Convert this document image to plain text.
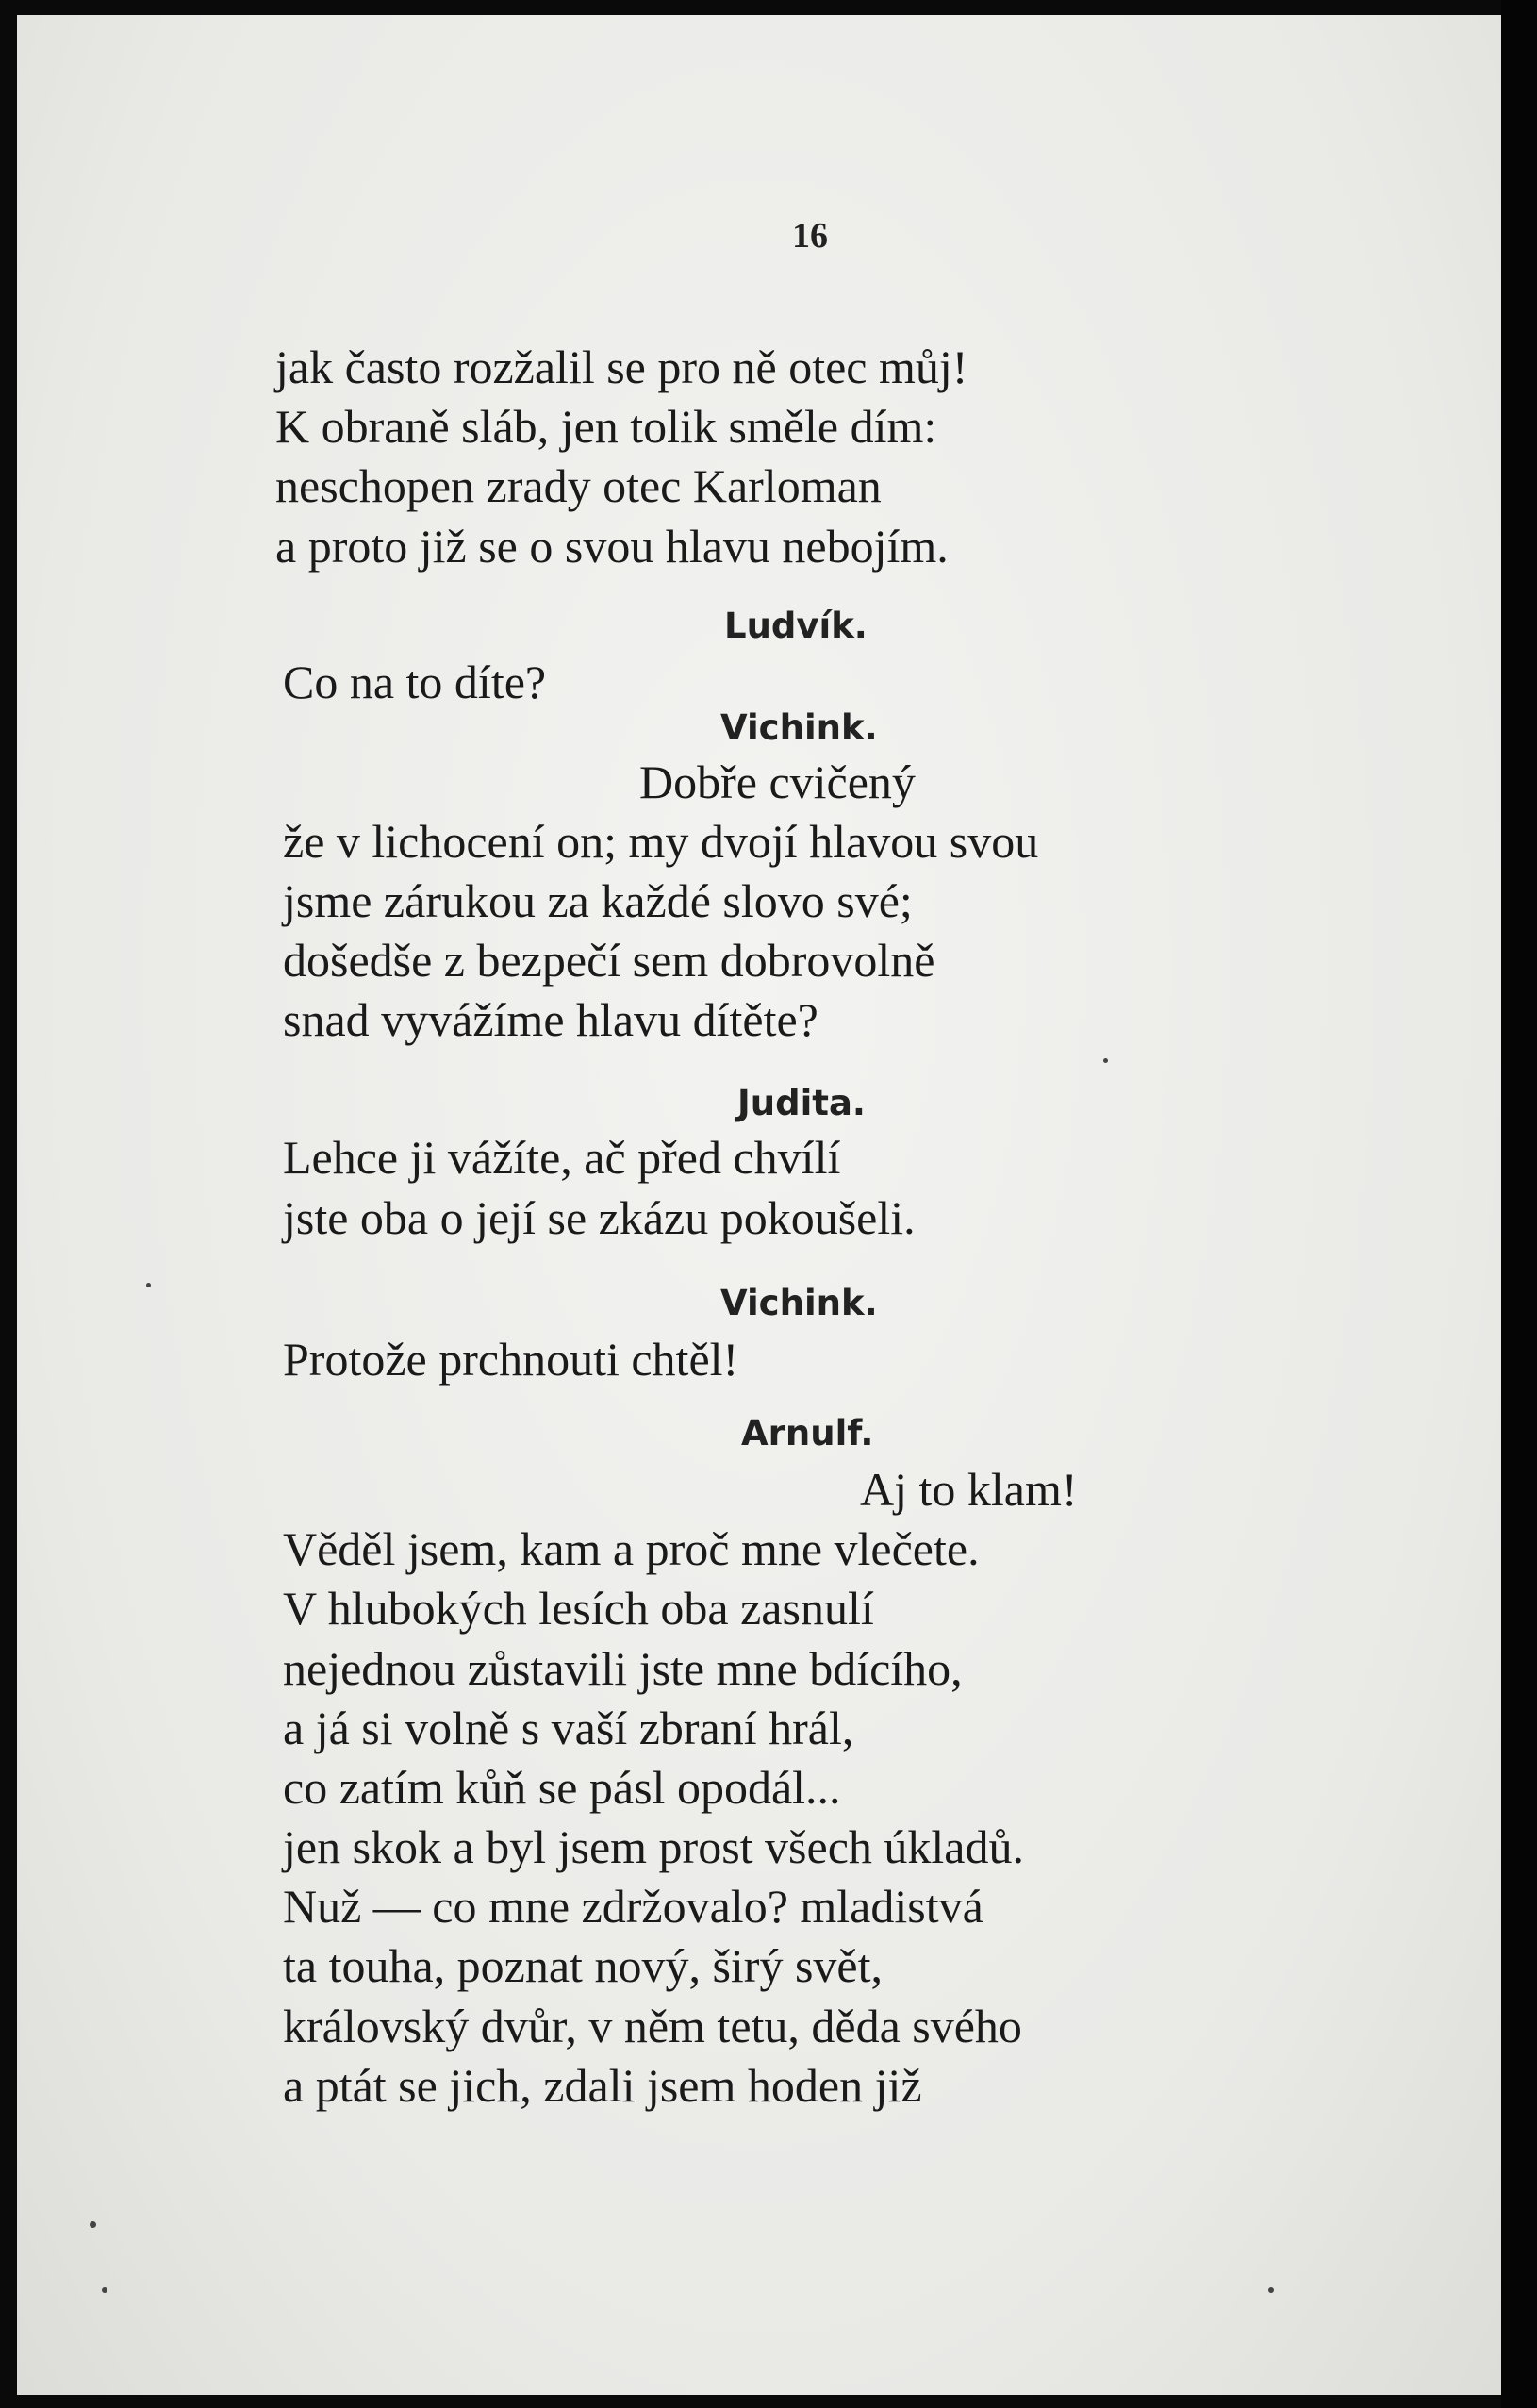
16
jak často rozžalil se pro ně otec můj!
K obraně sláb, jen tolik směle dím:
neschopen zrady otec Karloman
a proto již se o svou hlavu nebojím.
Ludvík.
Co na to díte?
Vichink.
Dobře cvičený
že v lichocení on; my dvojí hlavou svou
jsme zárukou za každé slovo své;
došedše z bezpečí sem dobrovolně
snad vyvážíme hlavu dítěte?
Judita.
Lehce ji vážíte, ač před chvílí
jste oba o její se zkázu pokoušeli.
Vichink.
Protože prchnouti chtěl!
Arnulf.
Aj to klam!
Věděl jsem, kam a proč mne vlečete.
V hlubokých lesích oba zasnulí
nejednou zůstavili jste mne bdícího,
a já si volně s vaší zbraní hrál,
co zatím kůň se pásl opodál...
jen skok a byl jsem prost všech úkladů.
Nuž — co mne zdržovalo? mladistvá
ta touha, poznat nový, širý svět,
královský dvůr, v něm tetu, děda svého
a ptát se jich, zdali jsem hoden již
